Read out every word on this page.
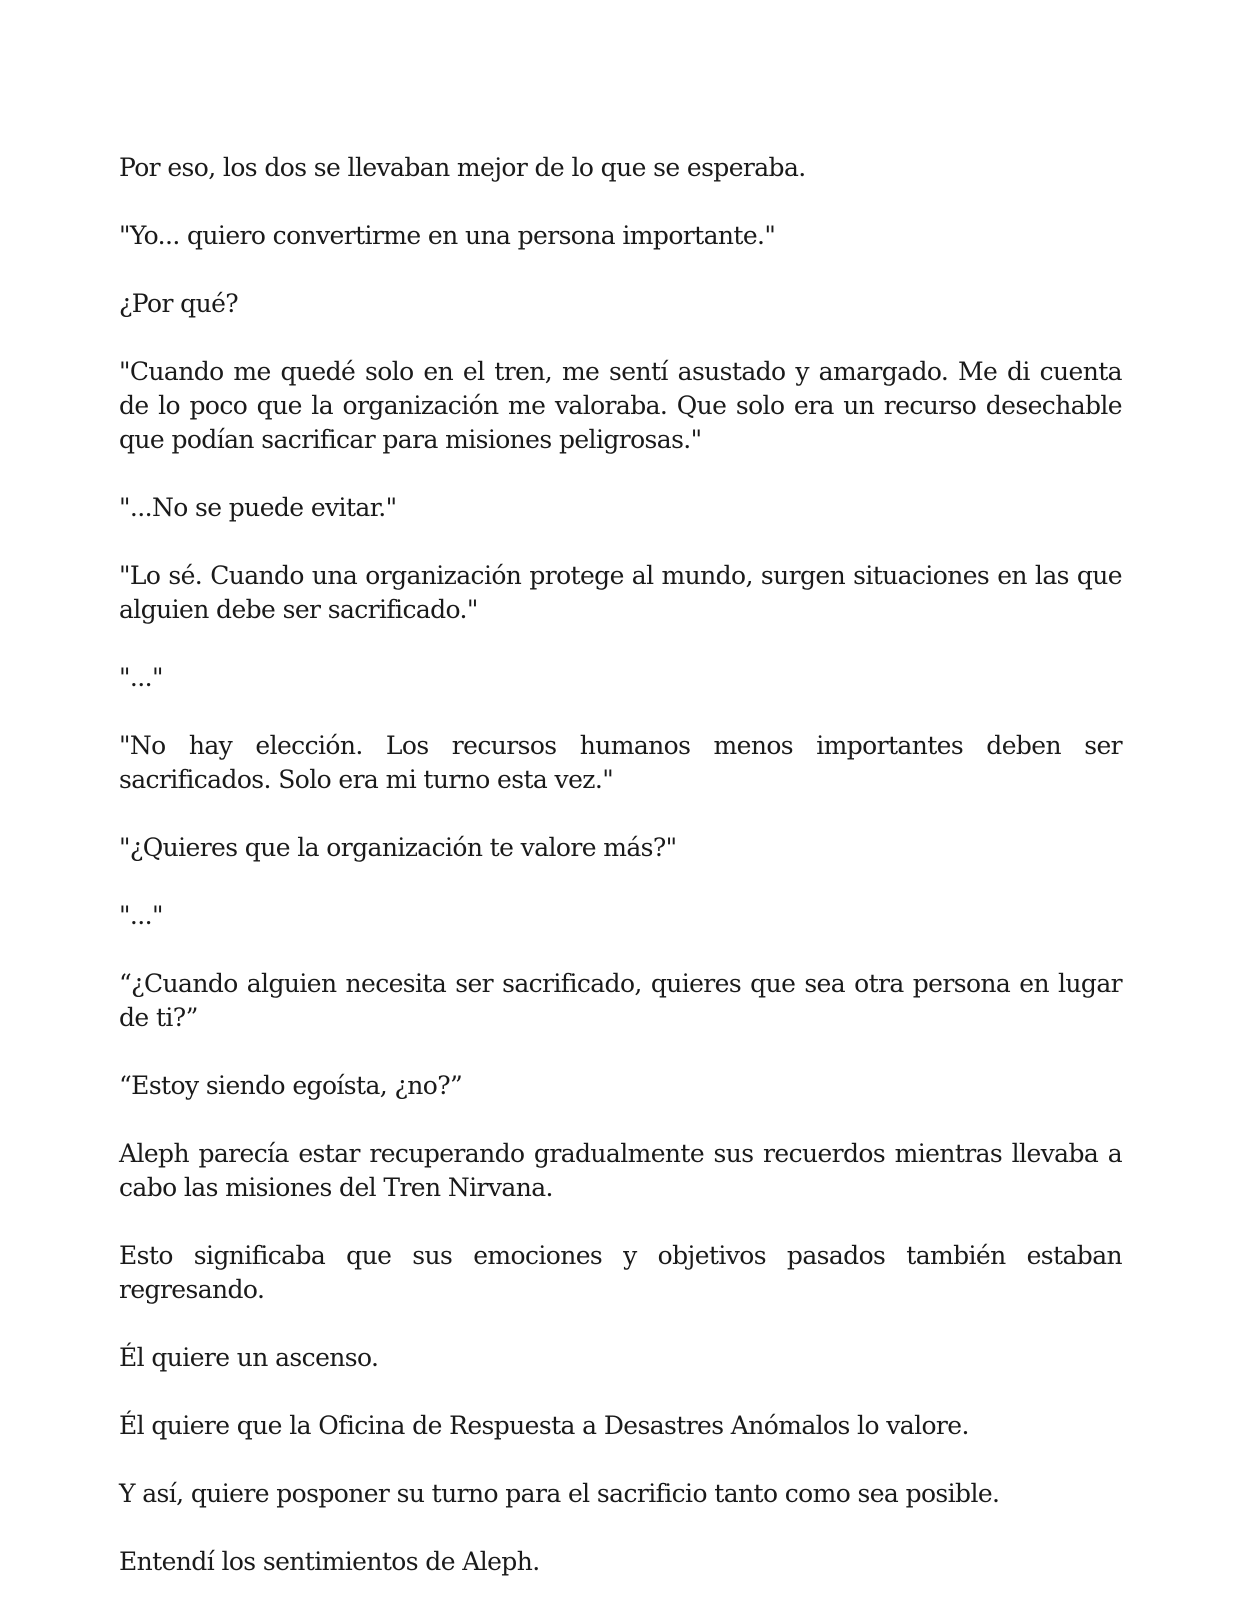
Por eso, los dos se llevaban mejor de lo que se esperaba.

"Yo... quiero convertirme en una persona importante."

¿Por qué?

"Cuando me quedé solo en el tren, me sentí asustado y amargado. Me di cuenta de lo poco que la organización me valoraba. Que solo era un recurso desechable que podían sacrificar para misiones peligrosas."

"...No se puede evitar."

"Lo sé. Cuando una organización protege al mundo, surgen situaciones en las que alguien debe ser sacrificado."

"..."

"No hay elección. Los recursos humanos menos importantes deben ser sacrificados. Solo era mi turno esta vez."

"¿Quieres que la organización te valore más?"

"..."

“¿Cuando alguien necesita ser sacrificado, quieres que sea otra persona en lugar de ti?”

“Estoy siendo egoísta, ¿no?”

Aleph parecía estar recuperando gradualmente sus recuerdos mientras llevaba a cabo las misiones del Tren Nirvana.

Esto significaba que sus emociones y objetivos pasados también estaban regresando.

Él quiere un ascenso.

Él quiere que la Oficina de Respuesta a Desastres Anómalos lo valore.

Y así, quiere posponer su turno para el sacrificio tanto como sea posible.

Entendí los sentimientos de Aleph.
